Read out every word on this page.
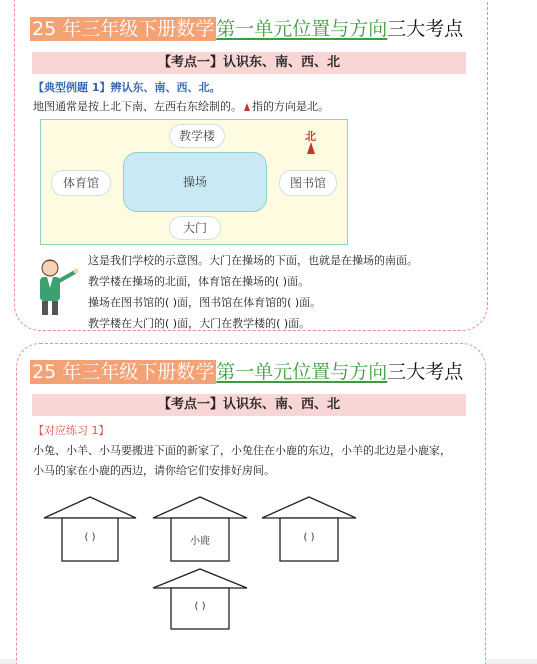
25 年三年级下册数学 第一单元位置与方向三大考点
【考点一】认识东、南、西、北
【典型例题 1】辨认东、南、西、北。
地图通常是按上北下南、左西右东绘制的。 指的方向是北。
教学楼
体育馆	操场	图书馆
大门
北
这是我们学校的示意图。大门在操场的下面，也就是在操场的南面。
教学楼在操场的北面，体育馆在操场的( )面。
操场在图书馆的( )面，图书馆在体育馆的( )面。
教学楼在大门的( )面，大门在教学楼的( )面。
25 年三年级下册数学 第一单元位置与方向三大考点
【考点一】认识东、南、西、北
【对应练习 1】
小兔、小羊、小马要搬进下面的新家了，小兔住在小鹿的东边，小羊的北边是小鹿家，
小马的家在小鹿的西边，请你给它们安排好房间。
( )	小鹿	( )
( )
